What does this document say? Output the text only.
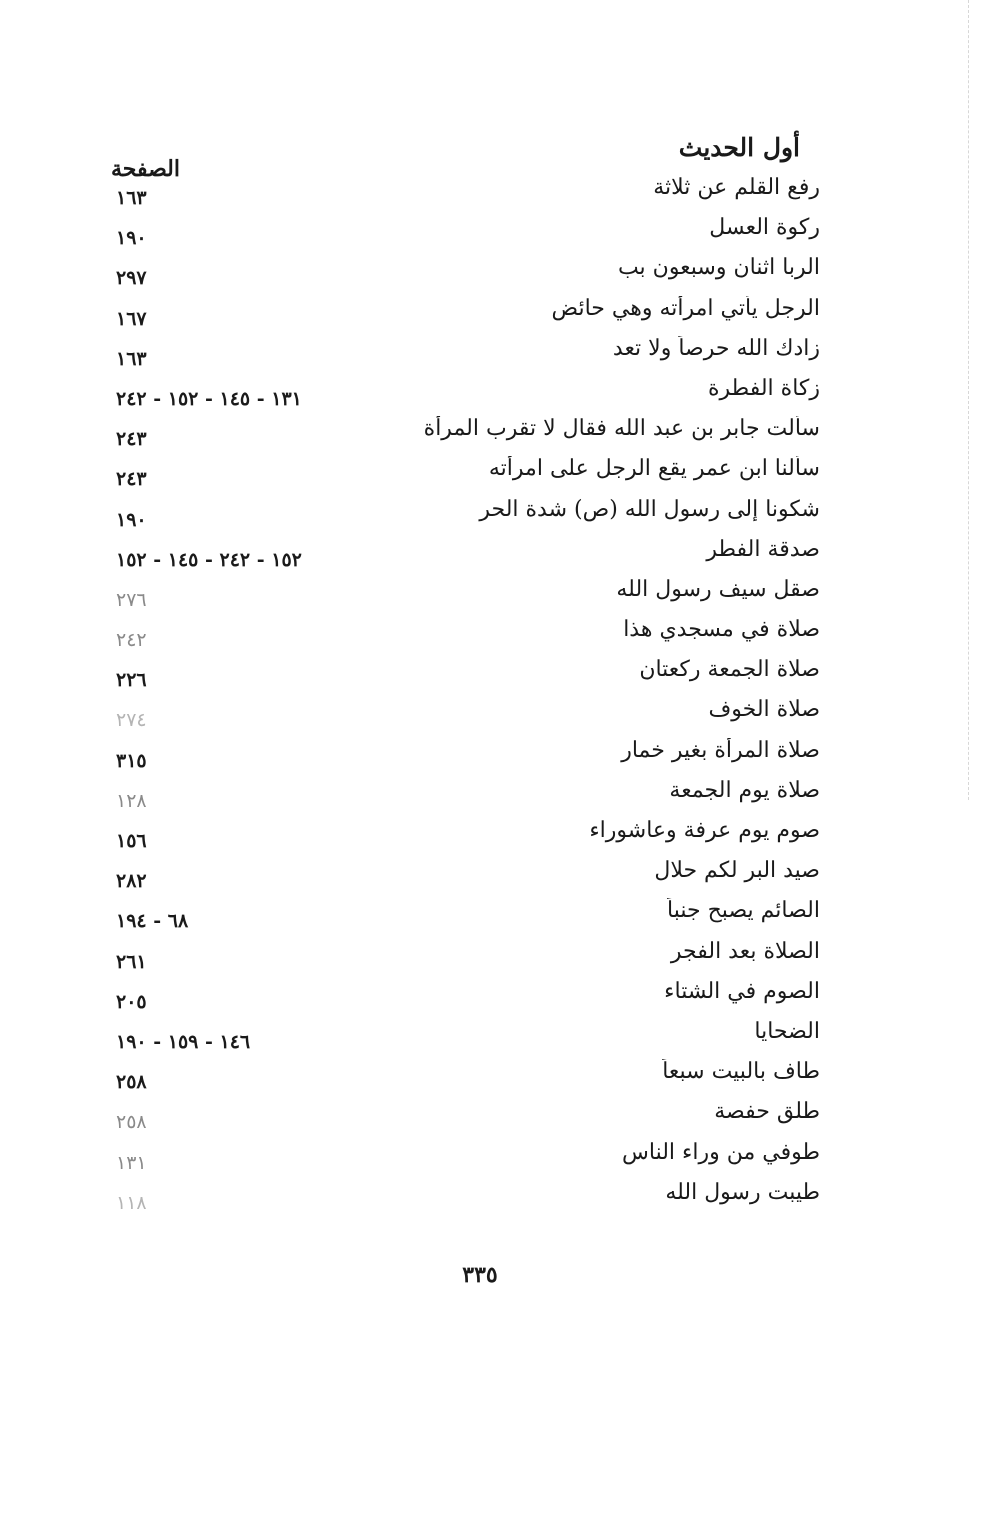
أول الحديث
الصفحة
رفع القلم عن ثلاثة
١٦٣
ركوة العسل
١٩٠
الربا اثنان وسبعون بب
٢٩٧
الرجل يأتي امرأته وهي حائض
١٦٧
زادك الله حرصاً ولا تعد
١٦٣
زكاة الفطرة
١٣١ - ١٤٥ - ١٥٢ - ٢٤٢
سألت جابر بن عبد الله فقال لا تقرب المرأة
٢٤٣
سألنا ابن عمر يقع الرجل على امرأته
٢٤٣
شكونا إلى رسول الله (ص) شدة الحر
١٩٠
صدقة الفطر
١٥٢ - ٢٤٢ - ١٤٥ - ١٥٢
صقل سيف رسول الله
٢٧٦
صلاة في مسجدي هذا
٢٤٢
صلاة الجمعة ركعتان
٢٢٦
صلاة الخوف
٢٧٤
صلاة المرأة بغير خمار
٣١٥
صلاة يوم الجمعة
١٢٨
صوم يوم عرفة وعاشوراء
١٥٦
صيد البر لكم حلال
٢٨٢
الصائم يصبح جنباً
٦٨ - ١٩٤
الصلاة بعد الفجر
٢٦١
الصوم في الشتاء
٢٠٥
الضحايا
١٤٦ - ١٥٩ - ١٩٠
طاف بالبيت سبعاً
٢٥٨
طلق حفصة
٢٥٨
طوفي من وراء الناس
١٣١
طيبت رسول الله
١١٨
٣٣٥
